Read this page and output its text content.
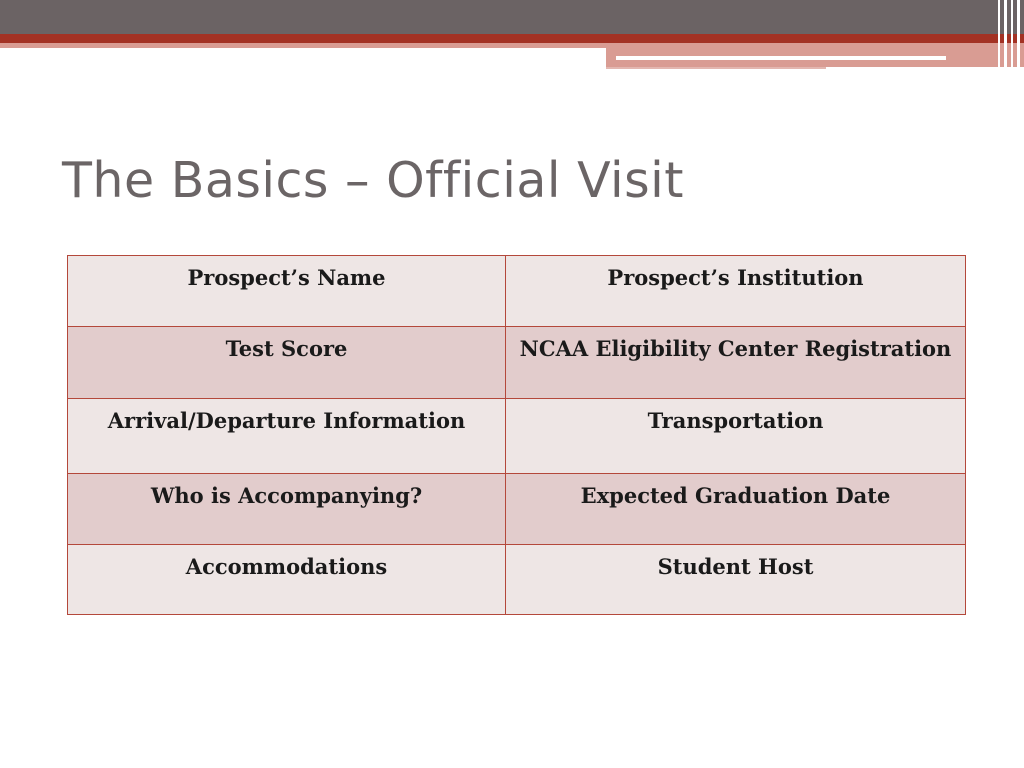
The Basics – Official Visit
Prospect’s Name	Prospect’s Institution
Test Score	NCAA Eligibility Center Registration
Arrival/Departure Information	Transportation
Who is Accompanying?	Expected Graduation Date
Accommodations	Student Host
